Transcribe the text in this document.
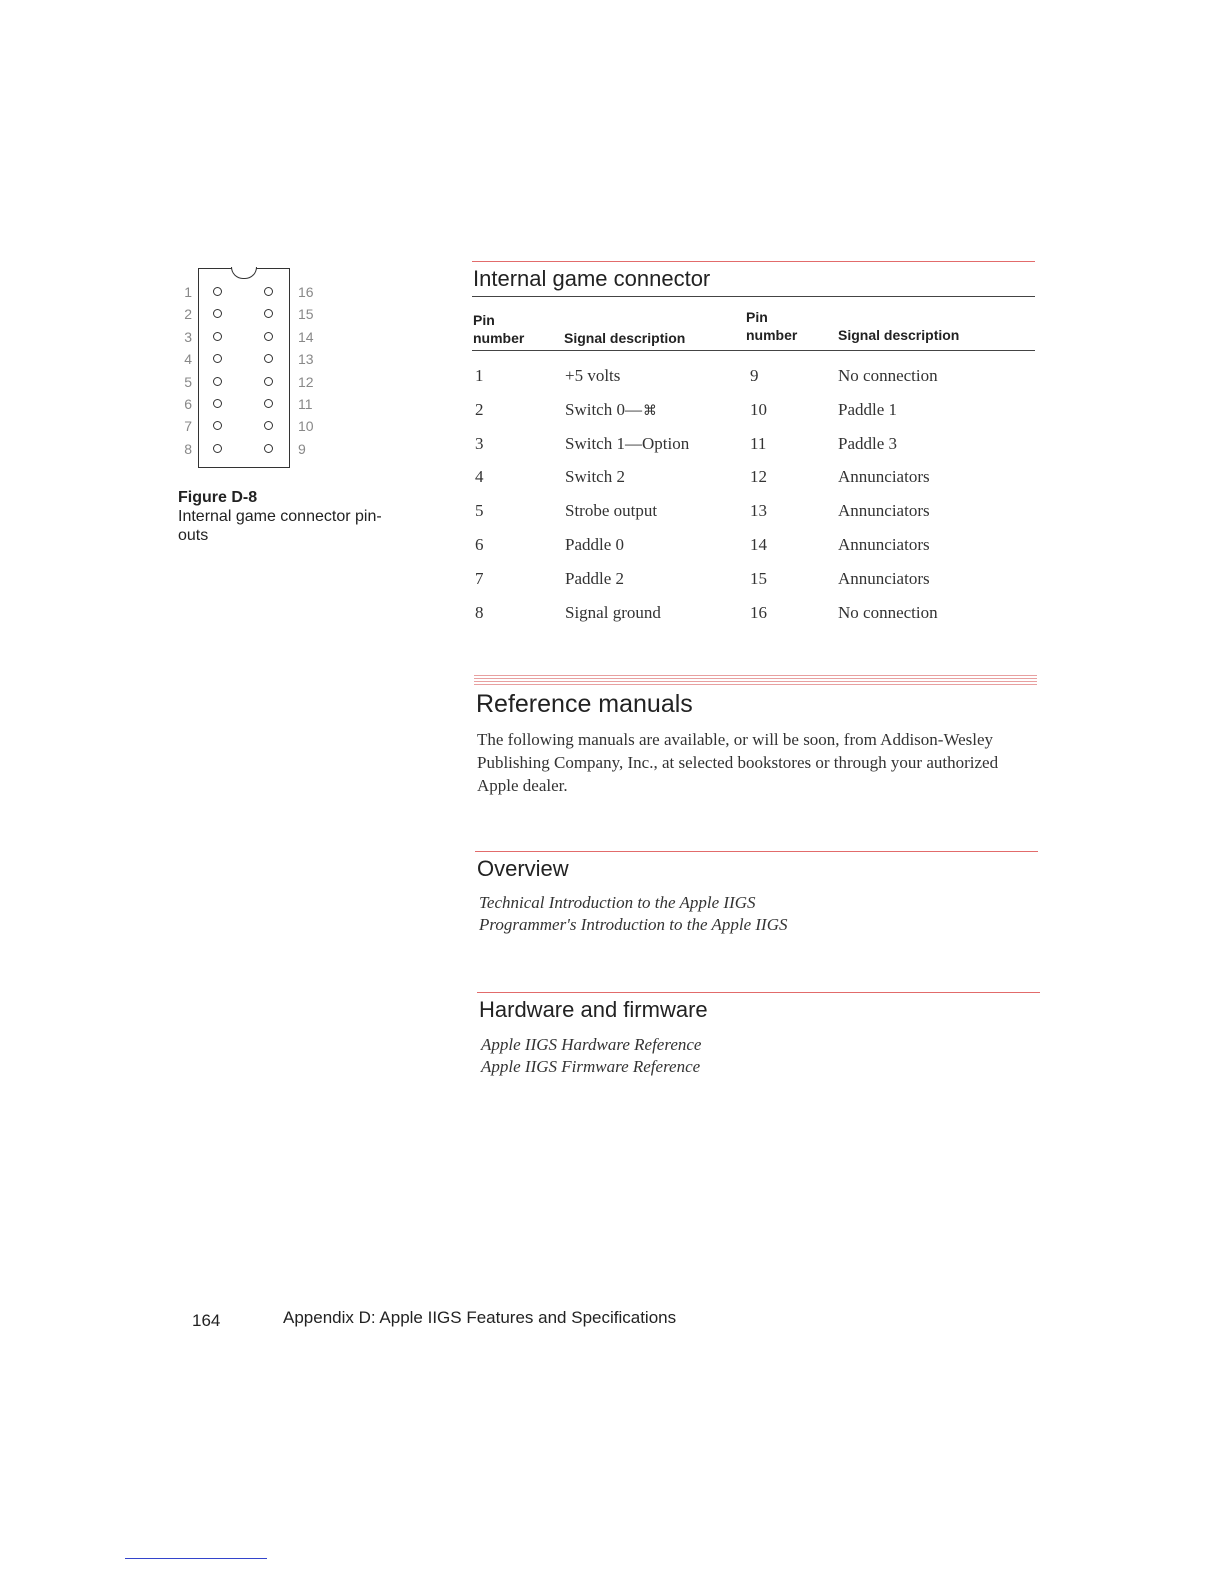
1	16
2	15
3	14
4	13
5	12
6	11
7	10
8	9
Figure D-8
Internal game connector pin-outs
Internal game connector
Pin number	Signal description
Pin number	Signal description
1	+5 volts	9	No connection
2	Switch 0—⌘	10	Paddle 1
3	Switch 1—Option	11	Paddle 3
4	Switch 2	12	Annunciators
5	Strobe output	13	Annunciators
6	Paddle 0	14	Annunciators
7	Paddle 2	15	Annunciators
8	Signal ground	16	No connection
Reference manuals
The following manuals are available, or will be soon, from Addison-Wesley Publishing Company, Inc., at selected bookstores or through your authorized Apple dealer.
Overview
Technical Introduction to the Apple IIGS
Programmer's Introduction to the Apple IIGS
Hardware and firmware
Apple IIGS Hardware Reference
Apple IIGS Firmware Reference
164	Appendix D: Apple IIGS Features and Specifications
